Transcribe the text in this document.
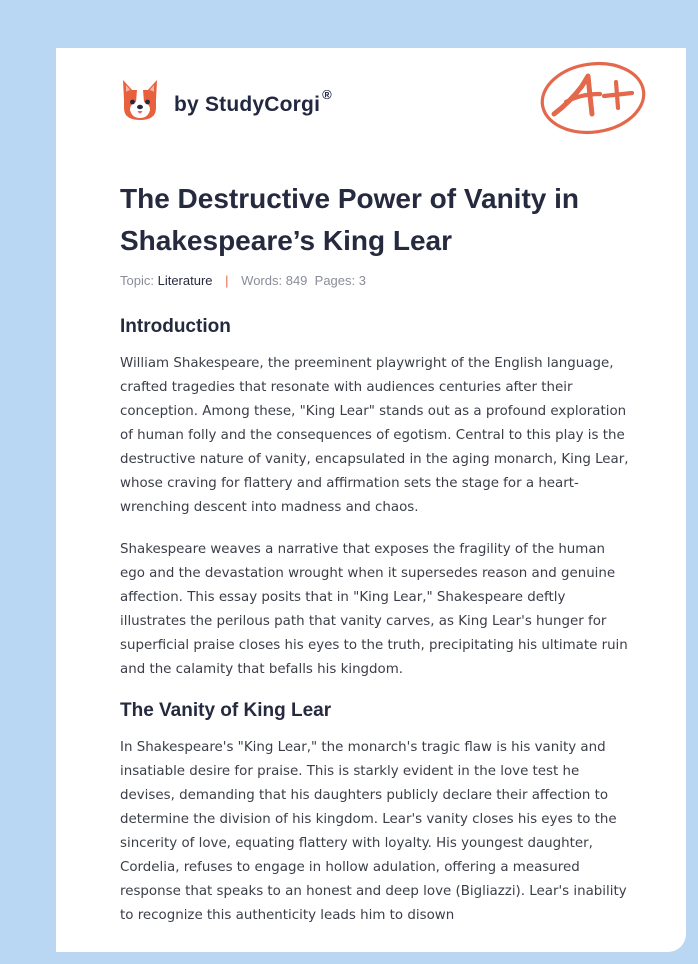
by StudyCorgi ®
The Destructive Power of Vanity in Shakespeare’s King Lear
Topic: Literature | Words: 849 Pages: 3
Introduction

William Shakespeare, the preeminent playwright of the English language, crafted tragedies that resonate with audiences centuries after their conception. Among these, "King Lear" stands out as a profound exploration of human folly and the consequences of egotism. Central to this play is the destructive nature of vanity, encapsulated in the aging monarch, King Lear, whose craving for flattery and affirmation sets the stage for a heart-wrenching descent into madness and chaos.

Shakespeare weaves a narrative that exposes the fragility of the human ego and the devastation wrought when it supersedes reason and genuine affection. This essay posits that in "King Lear," Shakespeare deftly illustrates the perilous path that vanity carves, as King Lear's hunger for superficial praise closes his eyes to the truth, precipitating his ultimate ruin and the calamity that befalls his kingdom.

The Vanity of King Lear

In Shakespeare's "King Lear," the monarch's tragic flaw is his vanity and insatiable desire for praise. This is starkly evident in the love test he devises, demanding that his daughters publicly declare their affection to determine the division of his kingdom. Lear's vanity closes his eyes to the sincerity of love, equating flattery with loyalty. His youngest daughter, Cordelia, refuses to engage in hollow adulation, offering a measured response that speaks to an honest and deep love (Bigliazzi). Lear's inability to recognize this authenticity leads him to disown
